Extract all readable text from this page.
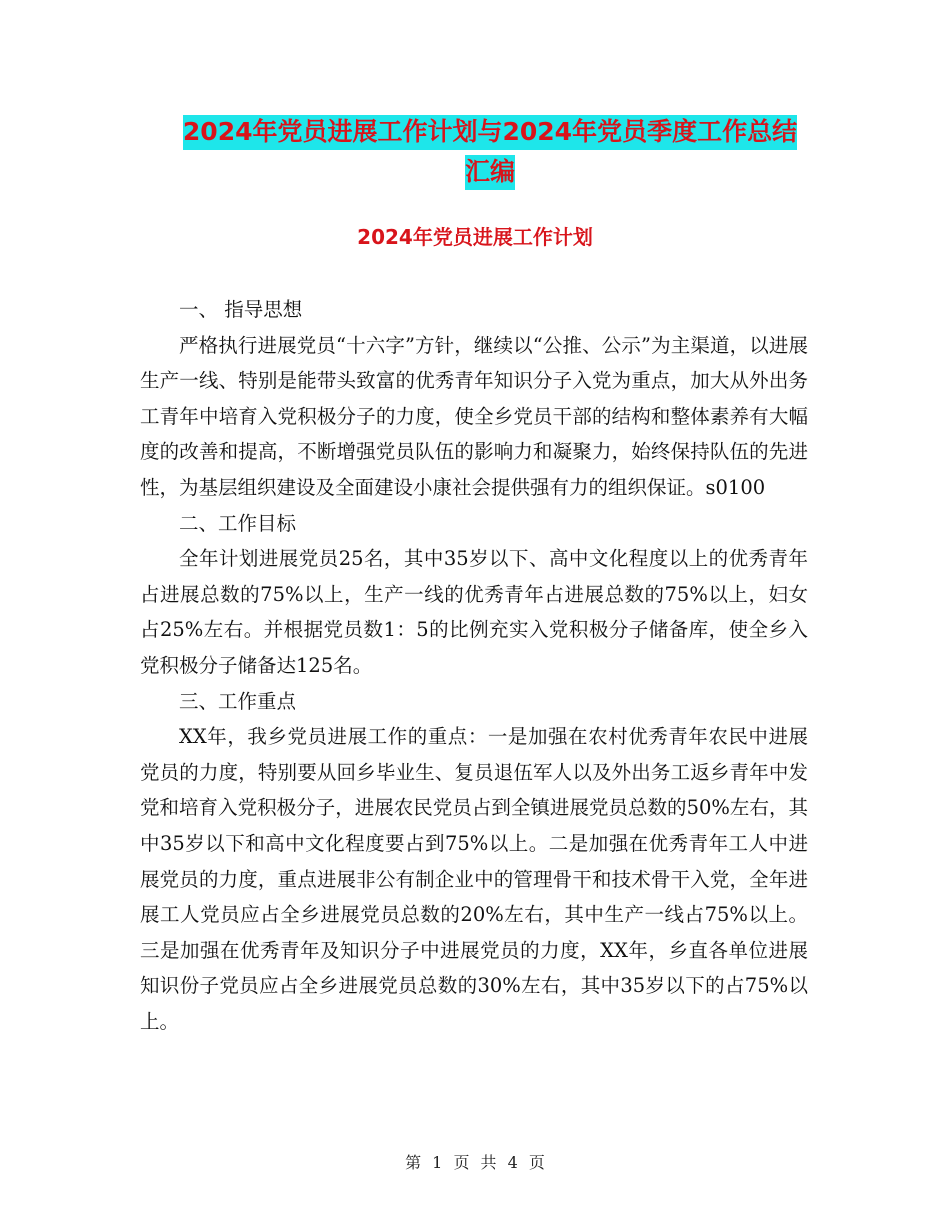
2024年党员进展工作计划与2024年党员季度工作总结
汇编
2024年党员进展工作计划

一、 指导思想

严格执行进展党员“十六字”方针，继续以“公推、公示”为主渠道，以进展生产一线、特别是能带头致富的优秀青年知识分子入党为重点，加大从外出务工青年中培育入党积极分子的力度，使全乡党员干部的结构和整体素养有大幅度的改善和提高，不断增强党员队伍的影响力和凝聚力，始终保持队伍的先进性，为基层组织建设及全面建设小康社会提供强有力的组织保证。s0100

二、工作目标

全年计划进展党员25名，其中35岁以下、高中文化程度以上的优秀青年占进展总数的75%以上，生产一线的优秀青年占进展总数的75%以上，妇女占25%左右。并根据党员数1：5的比例充实入党积极分子储备库，使全乡入党积极分子储备达125名。

三、工作重点

XX年，我乡党员进展工作的重点：一是加强在农村优秀青年农民中进展党员的力度，特别要从回乡毕业生、复员退伍军人以及外出务工返乡青年中发党和培育入党积极分子，进展农民党员占到全镇进展党员总数的50%左右，其中35岁以下和高中文化程度要占到75%以上。二是加强在优秀青年工人中进展党员的力度，重点进展非公有制企业中的管理骨干和技术骨干入党，全年进展工人党员应占全乡进展党员总数的20%左右，其中生产一线占75%以上。三是加强在优秀青年及知识分子中进展党员的力度，XX年，乡直各单位进展知识份子党员应占全乡进展党员总数的30%左右，其中35岁以下的占75%以上。

第 1 页 共 4 页
